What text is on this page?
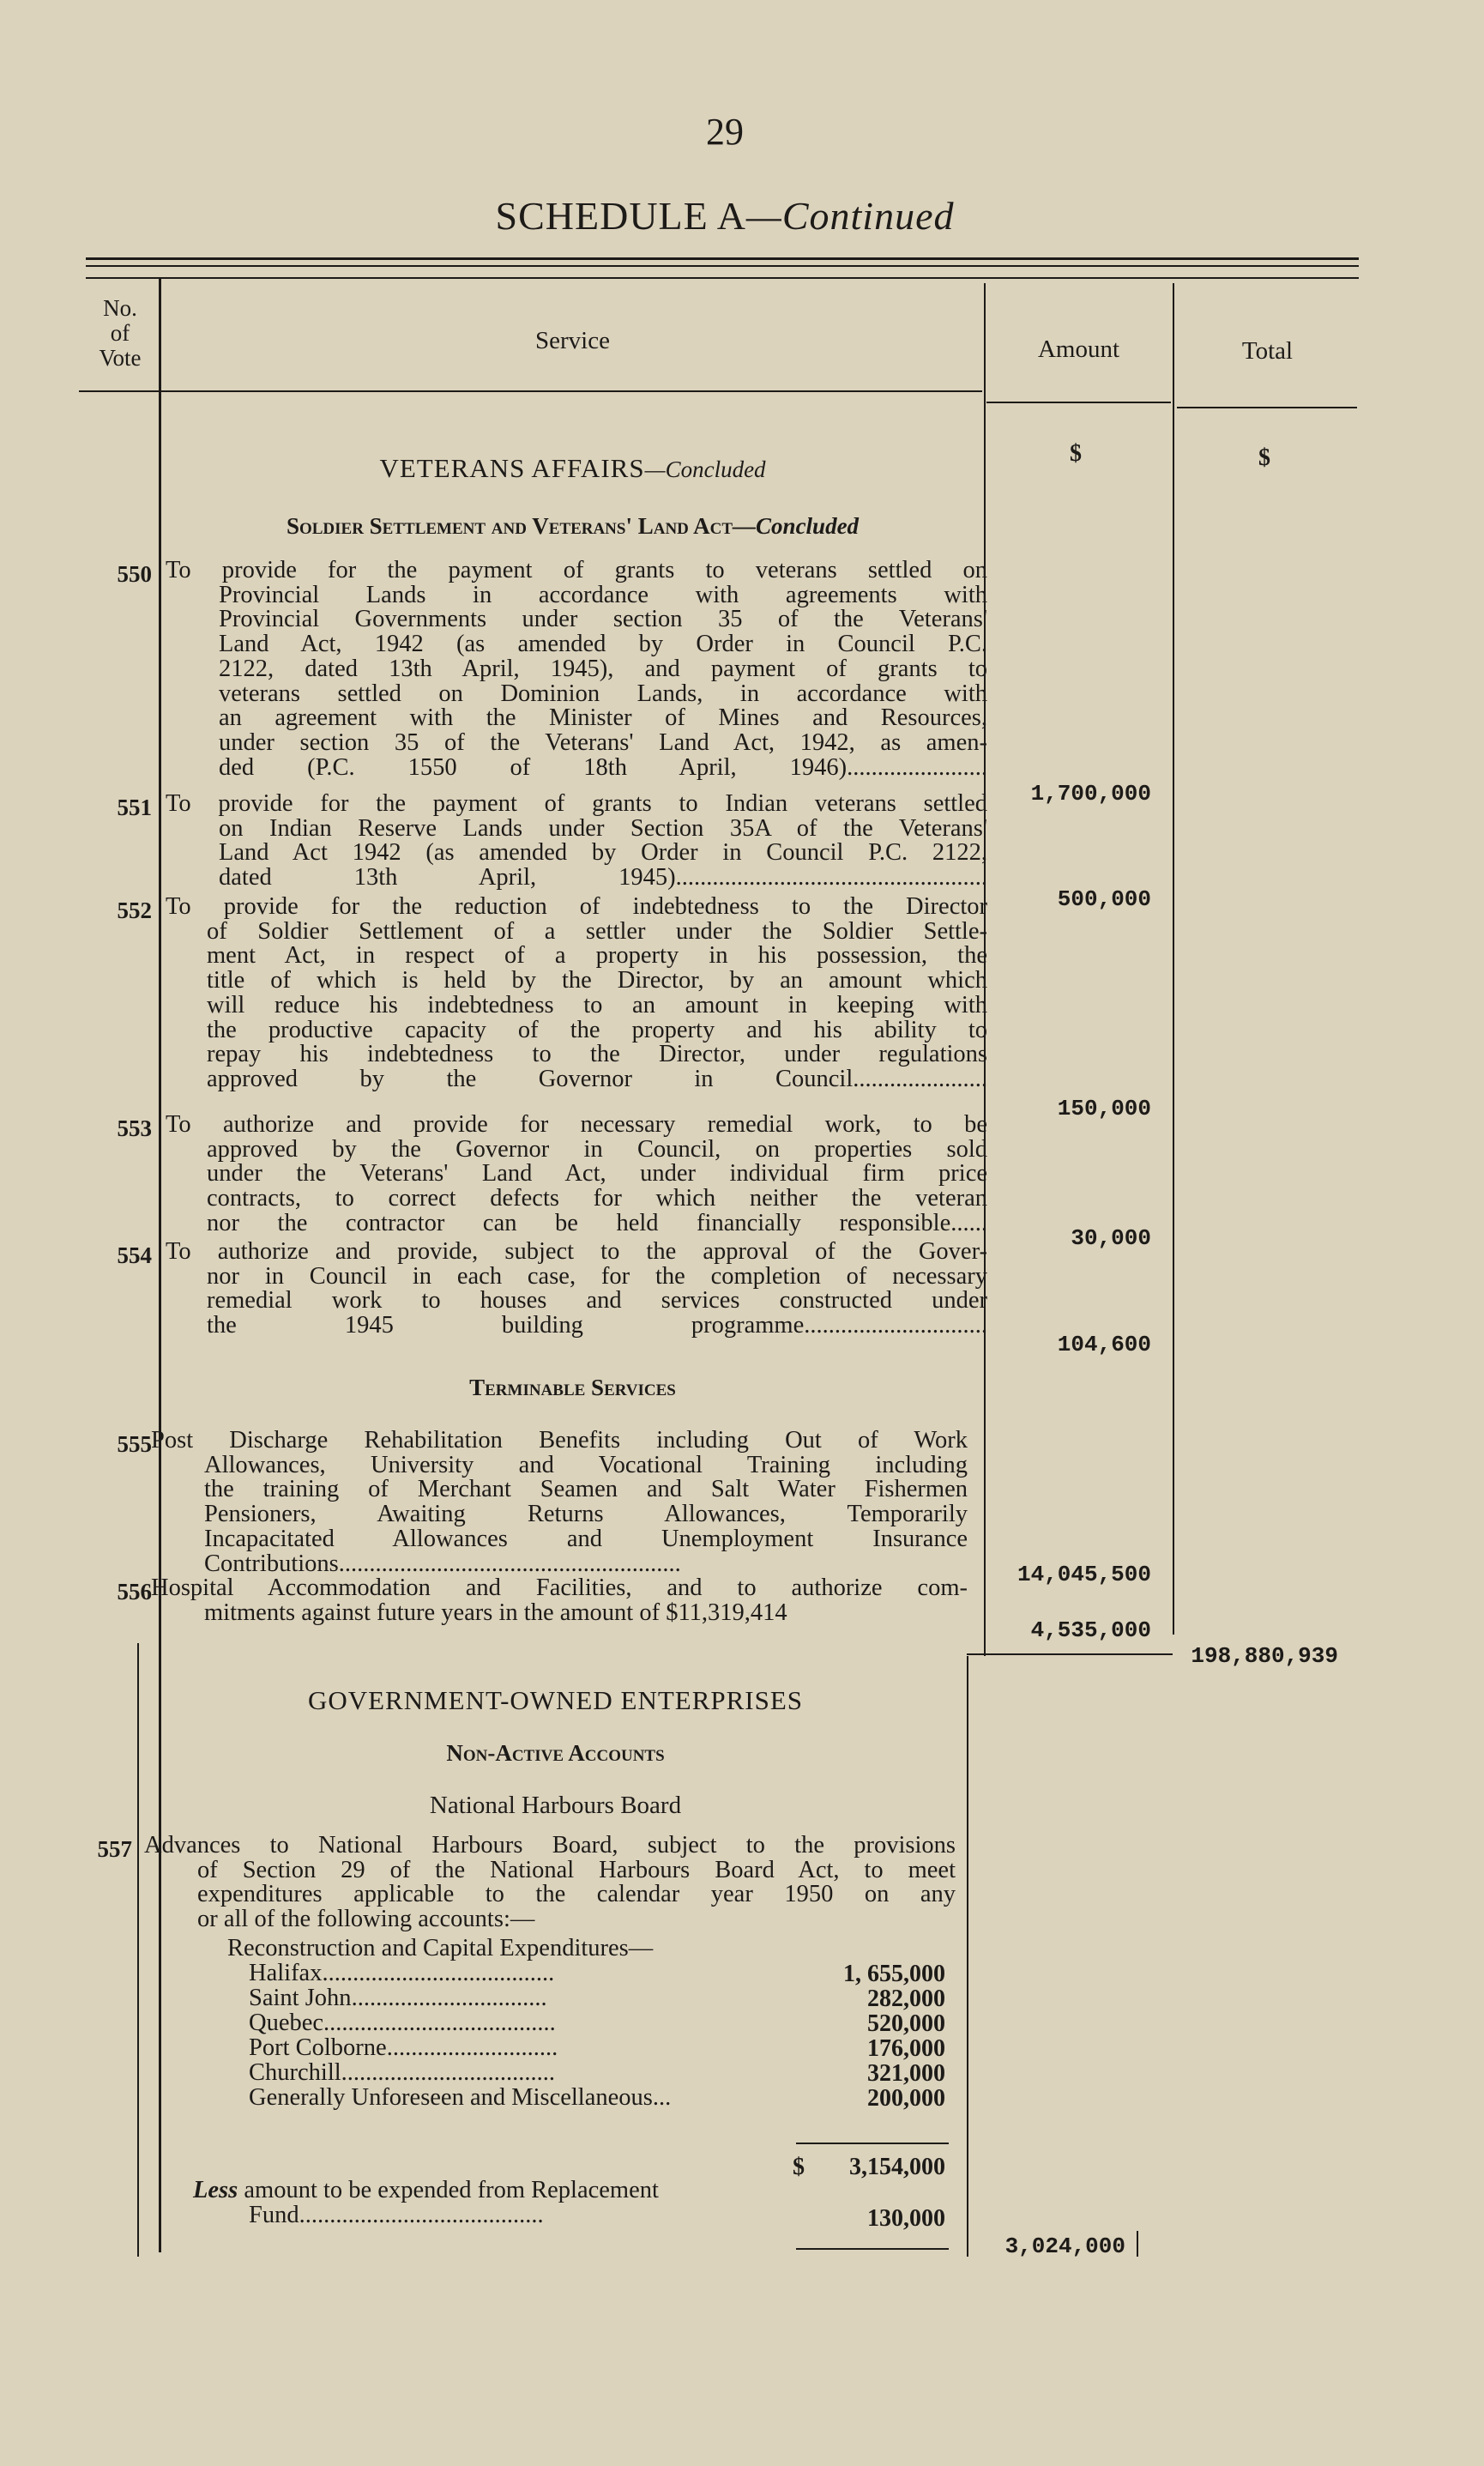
29
SCHEDULE A—Continued
No.
of
Vote
Service	Amount	Total
$	$
VETERANS AFFAIRS—Concluded
Soldier Settlement and Veterans' Land Act—Concluded
550 To provide for the payment of grants to veterans settled on
Provincial Lands in accordance with agreements with
Provincial Governments under section 35 of the Veterans'
Land Act, 1942 (as amended by Order in Council P.C.
2122, dated 13th April, 1945), and payment of grants to
veterans settled on Dominion Lands, in accordance with
an agreement with the Minister of Mines and Resources,
under section 35 of the Veterans' Land Act, 1942, as amen-
ded (P.C. 1550 of 18th April, 1946).......................
1,700,000
551 To provide for the payment of grants to Indian veterans settled
on Indian Reserve Lands under Section 35A of the Veterans'
Land Act 1942 (as amended by Order in Council P.C. 2122,
dated 13th April, 1945)...................................................
500,000
552 To provide for the reduction of indebtedness to the Director
of Soldier Settlement of a settler under the Soldier Settle-
ment Act, in respect of a property in his possession, the
title of which is held by the Director, by an amount which
will reduce his indebtedness to an amount in keeping with
the productive capacity of the property and his ability to
repay his indebtedness to the Director, under regulations
approved by the Governor in Council......................
150,000
553 To authorize and provide for necessary remedial work, to be
approved by the Governor in Council, on properties sold
under the Veterans' Land Act, under individual firm price
contracts, to correct defects for which neither the veteran
nor the contractor can be held financially responsible......
30,000
554 To authorize and provide, subject to the approval of the Gover-
nor in Council in each case, for the completion of necessary
remedial work to houses and services constructed under
the 1945 building programme..............................
104,600
Terminable Services
555 Post Discharge Rehabilitation Benefits including Out of Work
Allowances, University and Vocational Training including
the training of Merchant Seamen and Salt Water Fishermen
Pensioners, Awaiting Returns Allowances, Temporarily
Incapacitated Allowances and Unemployment Insurance
Contributions........................................................	14,045,500
556 Hospital Accommodation and Facilities, and to authorize com-
mitments against future years in the amount of $11,319,414
4,535,000
198,880,939
GOVERNMENT-OWNED ENTERPRISES
Non-Active Accounts
National Harbours Board
557 Advances to National Harbours Board, subject to the provisions
of Section 29 of the National Harbours Board Act, to meet
expenditures applicable to the calendar year 1950 on any
or all of the following accounts:—
Reconstruction and Capital Expenditures—
Halifax......................................	1, 655,000
Saint John................................	282,000
Quebec......................................	520,000
Port Colborne............................	176,000
Churchill...................................	321,000
Generally Unforeseen and Miscellaneous...	200,000
$	3,154,000
Less amount to be expended from Replacement
Fund........................................	130,000
3,024,000
